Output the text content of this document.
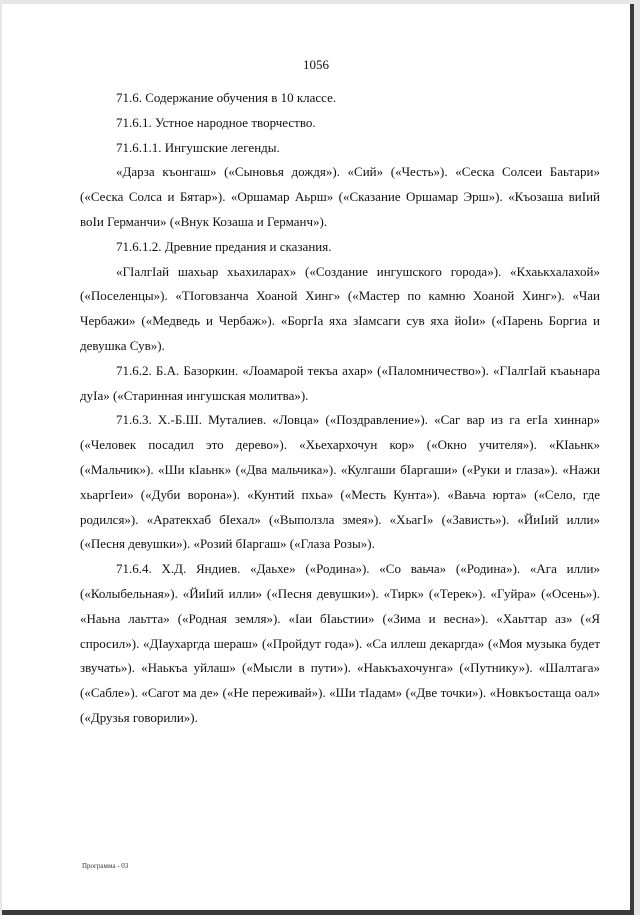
1056

71.6. Содержание обучения в 10 классе.

71.6.1. Устное народное творчество.

71.6.1.1. Ингушские легенды.

«Дарза къонгаш» («Сыновья дождя»). «Сий» («Честь»). «Сеска Солсеи Баьтари» («Сеска Солса и Бятар»). «Оршамар Аьрш» («Сказание Оршамар Эрш»). «Къозаша виІий воІи Германчи» («Внук Козаша и Германч»).

71.6.1.2. Древние предания и сказания.

«ГІалгІай шахьар хьахиларах» («Создание ингушского города»). «Кхаькхалахой» («Поселенцы»). «ТІоговзанча Хоаной Хинг» («Мастер по камню Хоаной Хинг»). «Чаи Чербажи» («Медведь и Чербаж»). «БоргІа яха зІамсаги сув яха йоІи» («Парень Боргиа и девушка Сув»).

71.6.2. Б.А. Базоркин. «Лоамарой текъа ахар» («Паломничество»). «ГІалгІай къаьнара дуІа» («Старинная ингушская молитва»).

71.6.3. Х.-Б.Ш. Муталиев. «Ловца» («Поздравление»). «Саг вар из га егІа хиннар» («Человек посадил это дерево»). «Хьехархочун кор» («Окно учителя»). «КІаьнк» («Мальчик»). «Ши кІаьнк» («Два мальчика»). «Кулгаши бІаргаши» («Руки и глаза»). «Нажи хьаргІеи» («Дуби ворона»). «Кунтий пхьа» («Месть Кунта»). «Ваьча юрта» («Село, где родился»). «Аратекхаб бІехал» («Выползла змея»). «ХьагІ» («Зависть»). «ЙиІий илли» («Песня девушки»). «Розий бІаргаш» («Глаза Розы»).

71.6.4. Х.Д. Яндиев. «Даьхе» («Родина»). «Со ваьча» («Родина»). «Ага илли» («Колыбельная»). «ЙиІий илли» («Песня девушки»). «Тирк» («Терек»). «Гуйра» («Осень»). «Наьна лаьтта» («Родная земля»). «Іаи бІаьстии» («Зима и весна»). «Хаьттар аз» («Я спросил»). «ДІаухаргда шераш» («Пройдут года»). «Са иллеш декаргда» («Моя музыка будет звучать»). «Наькъа уйлаш» («Мысли в пути»). «Наькъахочунга» («Путнику»). «Шалтага» («Сабле»). «Сагот ма де» («Не переживай»). «Ши тІадам» («Две точки»). «Новкъостаща оал» («Друзья говорили»).

Программа - 03
